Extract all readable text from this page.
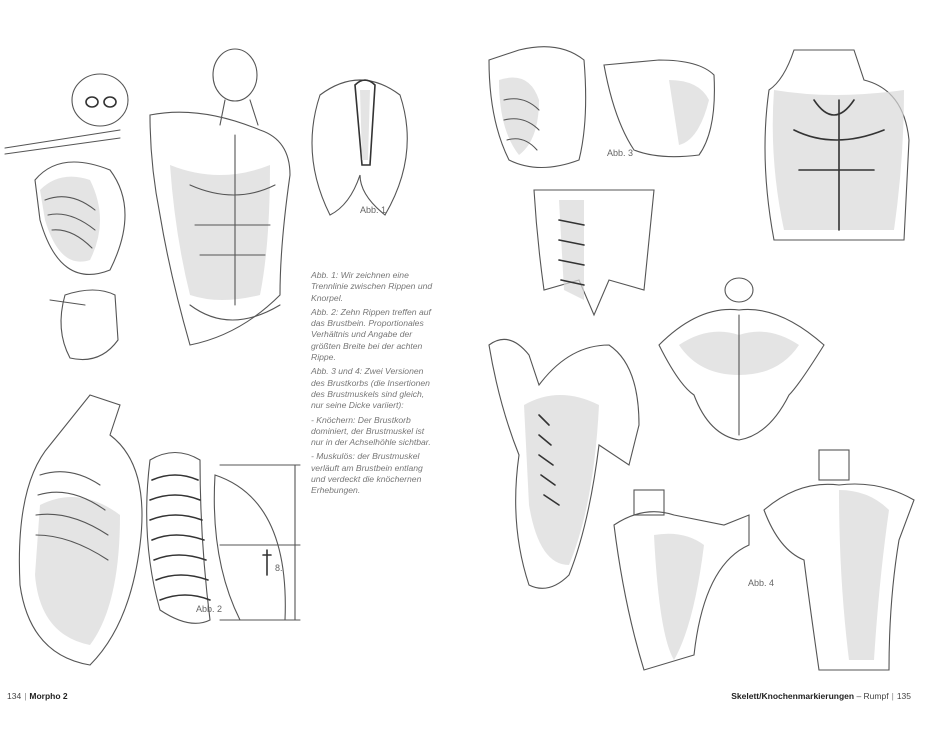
Abb. 1

Abb. 1: Wir zeichnen eine Trennlinie zwischen Rippen und Knorpel.

Abb. 2: Zehn Rippen treffen auf das Brustbein. Proportionales Verhältnis und Angabe der größten Breite bei der achten Rippe.

Abb. 3 und 4: Zwei Versionen des Brustkorbs (die Insertionen des Brustmuskels sind gleich, nur seine Dicke variiert):

- Knöchern: Der Brustkorb dominiert, der Brustmuskel ist nur in der Achselhöhle sichtbar.

- Muskulös: der Brustmuskel verläuft am Brustbein entlang und verdeckt die knöchernen Erhebungen.

8.
Abb. 2
134 | Morpho 2
Abb. 3
Abb. 4
Skelett/Knochenmarkierungen – Rumpf | 135
